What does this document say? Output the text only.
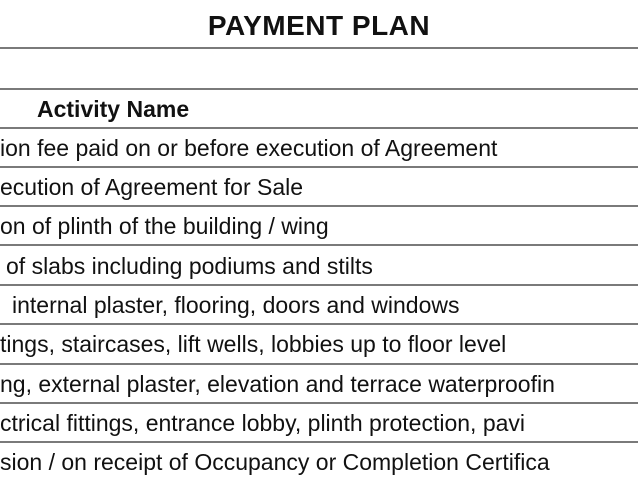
PAYMENT PLAN
Activity Name
ion fee paid on or before execution of Agreement
ecution of Agreement for Sale
on of plinth of the building / wing
of slabs including podiums and stilts
internal plaster, flooring, doors and windows
tings, staircases, lift wells, lobbies up to floor level
ng, external plaster, elevation and terrace waterproofin
ctrical fittings, entrance lobby, plinth protection, pavi
sion / on receipt of Occupancy or Completion Certifica
